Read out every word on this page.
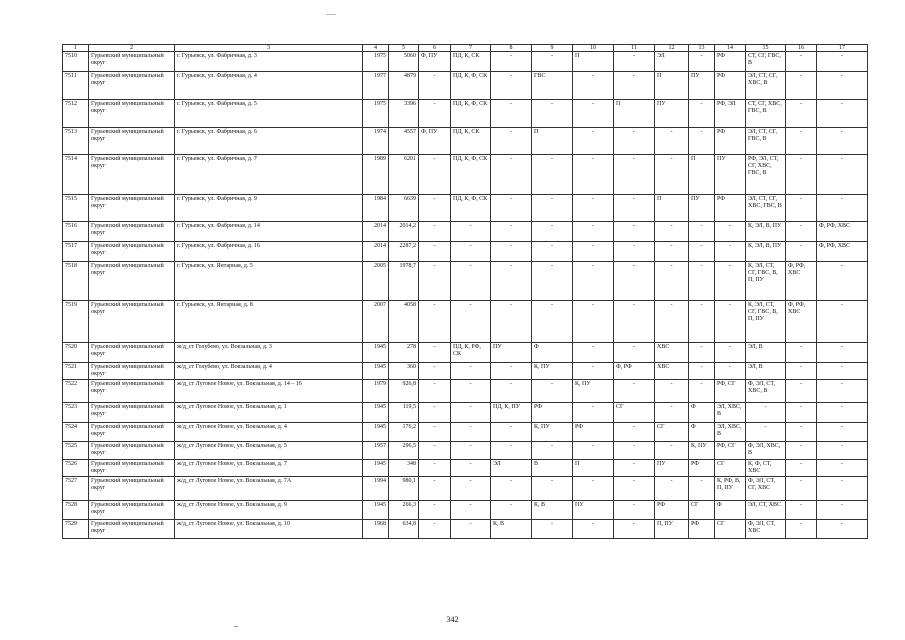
1	2	3	4	5	6	7	8	9	10	11	12	13	14	15	16	17
7510	Гурьевский муниципальный округ	г. Гурьевск, ул. Фабричная, д. 3	1975	5060	Ф, ПУ	ПД, К, СК	-	-	П	-	ЭЛ	-	РФ	СТ, СГ, ГВС, В	-	-
7511	Гурьевский муниципальный округ	г. Гурьевск, ул. Фабричная, д. 4	1977	4879	-	ПД, К, Ф, СК	-	ГВС	-	-	П	ПУ	РФ	ЭЛ, СТ, СГ, ХВС, В	-	-
7512	Гурьевский муниципальный округ	г. Гурьевск, ул. Фабричная, д. 5	1975	3396	-	ПД, К, Ф, СК	-	-	-	П	ПУ	-	РФ, ЭЛ	СТ, СГ, ХВС, ГВС, В	-	-
7513	Гурьевский муниципальный округ	г. Гурьевск, ул. Фабричная, д. 6	1974	4557	Ф, ПУ	ПД, К, СК	-	П	-	-	-	-	РФ	ЭЛ, СТ, СГ, ГВС, В	-	-
7514	Гурьевский муниципальный округ	г. Гурьевск, ул. Фабричная, д. 7	1989	6201	-	ПД, К, Ф, СК	-	-	-	-	-	П	ПУ	РФ, ЭЛ, СТ, СГ, ХВС, ГВС, В	-	-
7515	Гурьевский муниципальный округ	г. Гурьевск, ул. Фабричная, д. 9	1984	6639	-	ПД, К, Ф, СК	-	-	-	-	П	ПУ	РФ	ЭЛ, СТ, СГ, ХВС, ГВС, В	-	-
7516	Гурьевский муниципальный округ	г. Гурьевск, ул. Фабричная, д. 14	2014	2014,2	-	-	-	-	-	-	-	-	-	К, ЭЛ, В, ПУ	-	Ф, РФ, ХВС
7517	Гурьевский муниципальный округ	г. Гурьевск, ул. Фабричная, д. 16	2014	2287,2	-	-	-	-	-	-	-	-	-	К, ЭЛ, В, ПУ	-	Ф, РФ, ХВС
7518	Гурьевский муниципальный округ	г. Гурьевск, ул. Янтарная, д. 5	2005	1978,7	-	-	-	-	-	-	-	-	-	К, ЭЛ, СТ, СГ, ГВС, В, П, ПУ	Ф, РФ, ХВС	-
7519	Гурьевский муниципальный округ	г. Гурьевск, ул. Янтарная, д. 8	2007	4058	-	-	-	-	-	-	-	-	-	К, ЭЛ, СТ, СГ, ГВС, В, П, ПУ	Ф, РФ, ХВС	-
7520	Гурьевский муниципальный округ	ж/д_ст Голубево, ул. Вокзальная, д. 3	1945	278	-	ПД, К, РФ, СК	ПУ	Ф	-	-	ХВС	-	-	ЭЛ, В	-	-
7521	Гурьевский муниципальный округ	ж/д_ст Голубево, ул. Вокзальная, д. 4	1945	360	-	-	-	К, ПУ	-	Ф, РФ	ХВС	-	-	ЭЛ, В	-	-
7522	Гурьевский муниципальный округ	ж/д_ст Луговое Новое, ул. Вокзальная, д. 14 – 16	1979	926,8	-	-	-	-	К, ПУ	-	-	-	РФ, СГ	Ф, ЭЛ, СТ, ХВС, В	-	-
7523	Гурьевский муниципальный округ	ж/д_ст Луговое Новое, ул. Вокзальная, д. 1	1945	119,5	-	-	ПД, К, ПУ	РФ	-	СГ	-	Ф	ЭЛ, ХВС, В	-	-	-
7524	Гурьевский муниципальный округ	ж/д_ст Луговое Новое, ул. Вокзальная, д. 4	1945	176,2	-	-	-	К, ПУ	РФ	-	СГ	Ф	ЭЛ, ХВС, В	-	-	-
7525	Гурьевский муниципальный округ	ж/д_ст Луговое Новое, ул. Вокзальная, д. 5	1957	296,5	-	-	-	-	-	-	-	К, ПУ	РФ, СГ	Ф, ЭЛ, ХВС, В	-	-
7526	Гурьевский муниципальный округ	ж/д_ст Луговое Новое, ул. Вокзальная, д. 7	1945	348	-	-	ЭЛ	В	П	-	ПУ	РФ	СГ	К, Ф, СТ, ХВС	-	-
7527	Гурьевский муниципальный округ	ж/д_ст Луговое Новое, ул. Вокзальная, д. 7А	1994	980,1	-	-	-	-	-	-	-	-	К, РФ, В, П, ПУ	Ф, ЭЛ, СТ, СГ, ХВС	-	-
7528	Гурьевский муниципальный округ	ж/д_ст Луговое Новое, ул. Вокзальная, д. 9	1945	266,3	-	-	-	К, В	ПУ	-	РФ	СГ	Ф	ЭЛ, СТ, ХВС	-	-
7529	Гурьевский муниципальный округ	ж/д_ст Луговое Новое, ул. Вокзальная, д. 10	1968	634,8	-	-	К, В	-	-	-	П, ПУ	РФ	СГ	Ф, ЭЛ, СТ, ХВС	-	-
342
